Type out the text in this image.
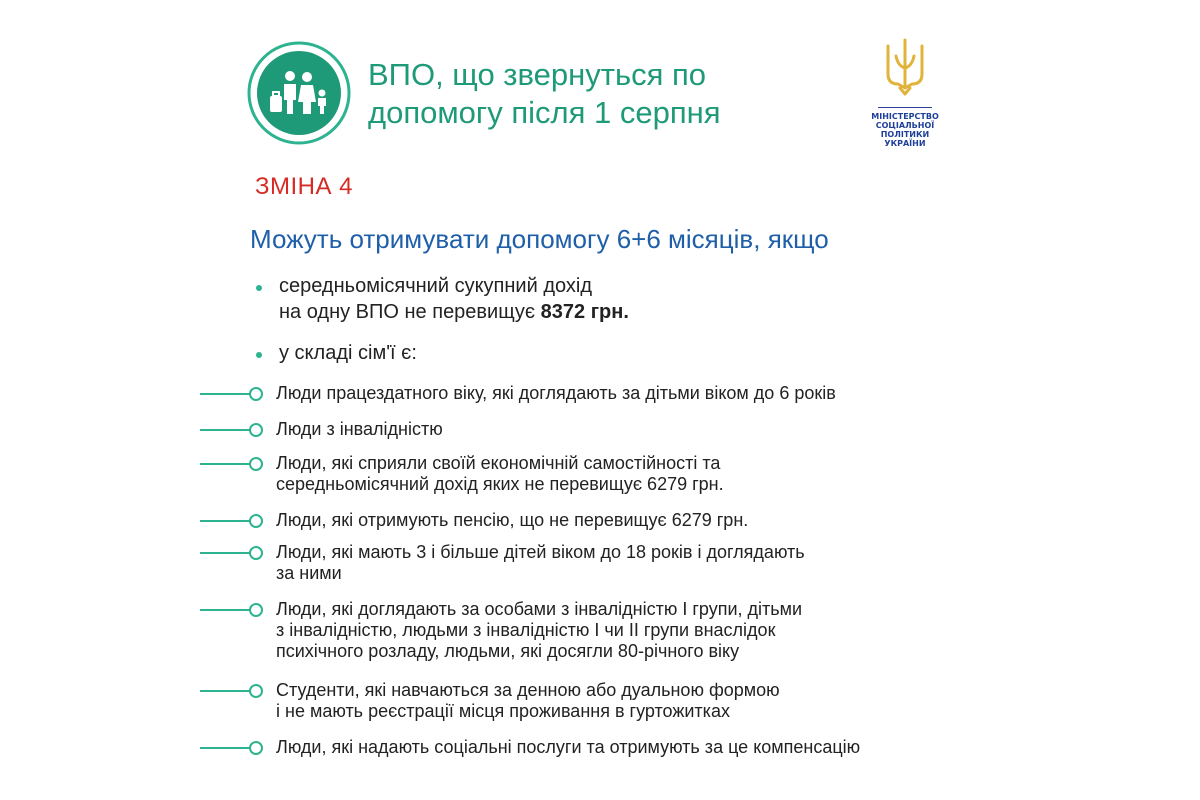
ВПО, що звернуться по
допомогу після 1 серпня	МІНІСТЕРСТВО
СОЦІАЛЬНОЇ ПОЛІТИКИ
УКРАЇНИ
ЗМІНА 4
Можуть отримувати допомогу 6+6 місяців, якщо
середньомісячний сукупний дохід
на одну ВПО не перевищує 8372 грн.
у складі сім'ї є:
Люди працездатного віку, які доглядають за дітьми віком до 6 років
Люди з інвалідністю
Люди, які сприяли своїй економічній самостійності та
середньомісячний дохід яких не перевищує 6279 грн.
Люди, які отримують пенсію, що не перевищує 6279 грн.
Люди, які мають 3 і більше дітей віком до 18 років і доглядають
за ними
Люди, які доглядають за особами з інвалідністю I групи, дітьми
з інвалідністю, людьми з інвалідністю I чи II групи внаслідок
психічного розладу, людьми, які досягли 80-річного віку
Студенти, які навчаються за денною або дуальною формою
і не мають реєстрації місця проживання в гуртожитках
Люди, які надають соціальні послуги та отримують за це компенсацію
